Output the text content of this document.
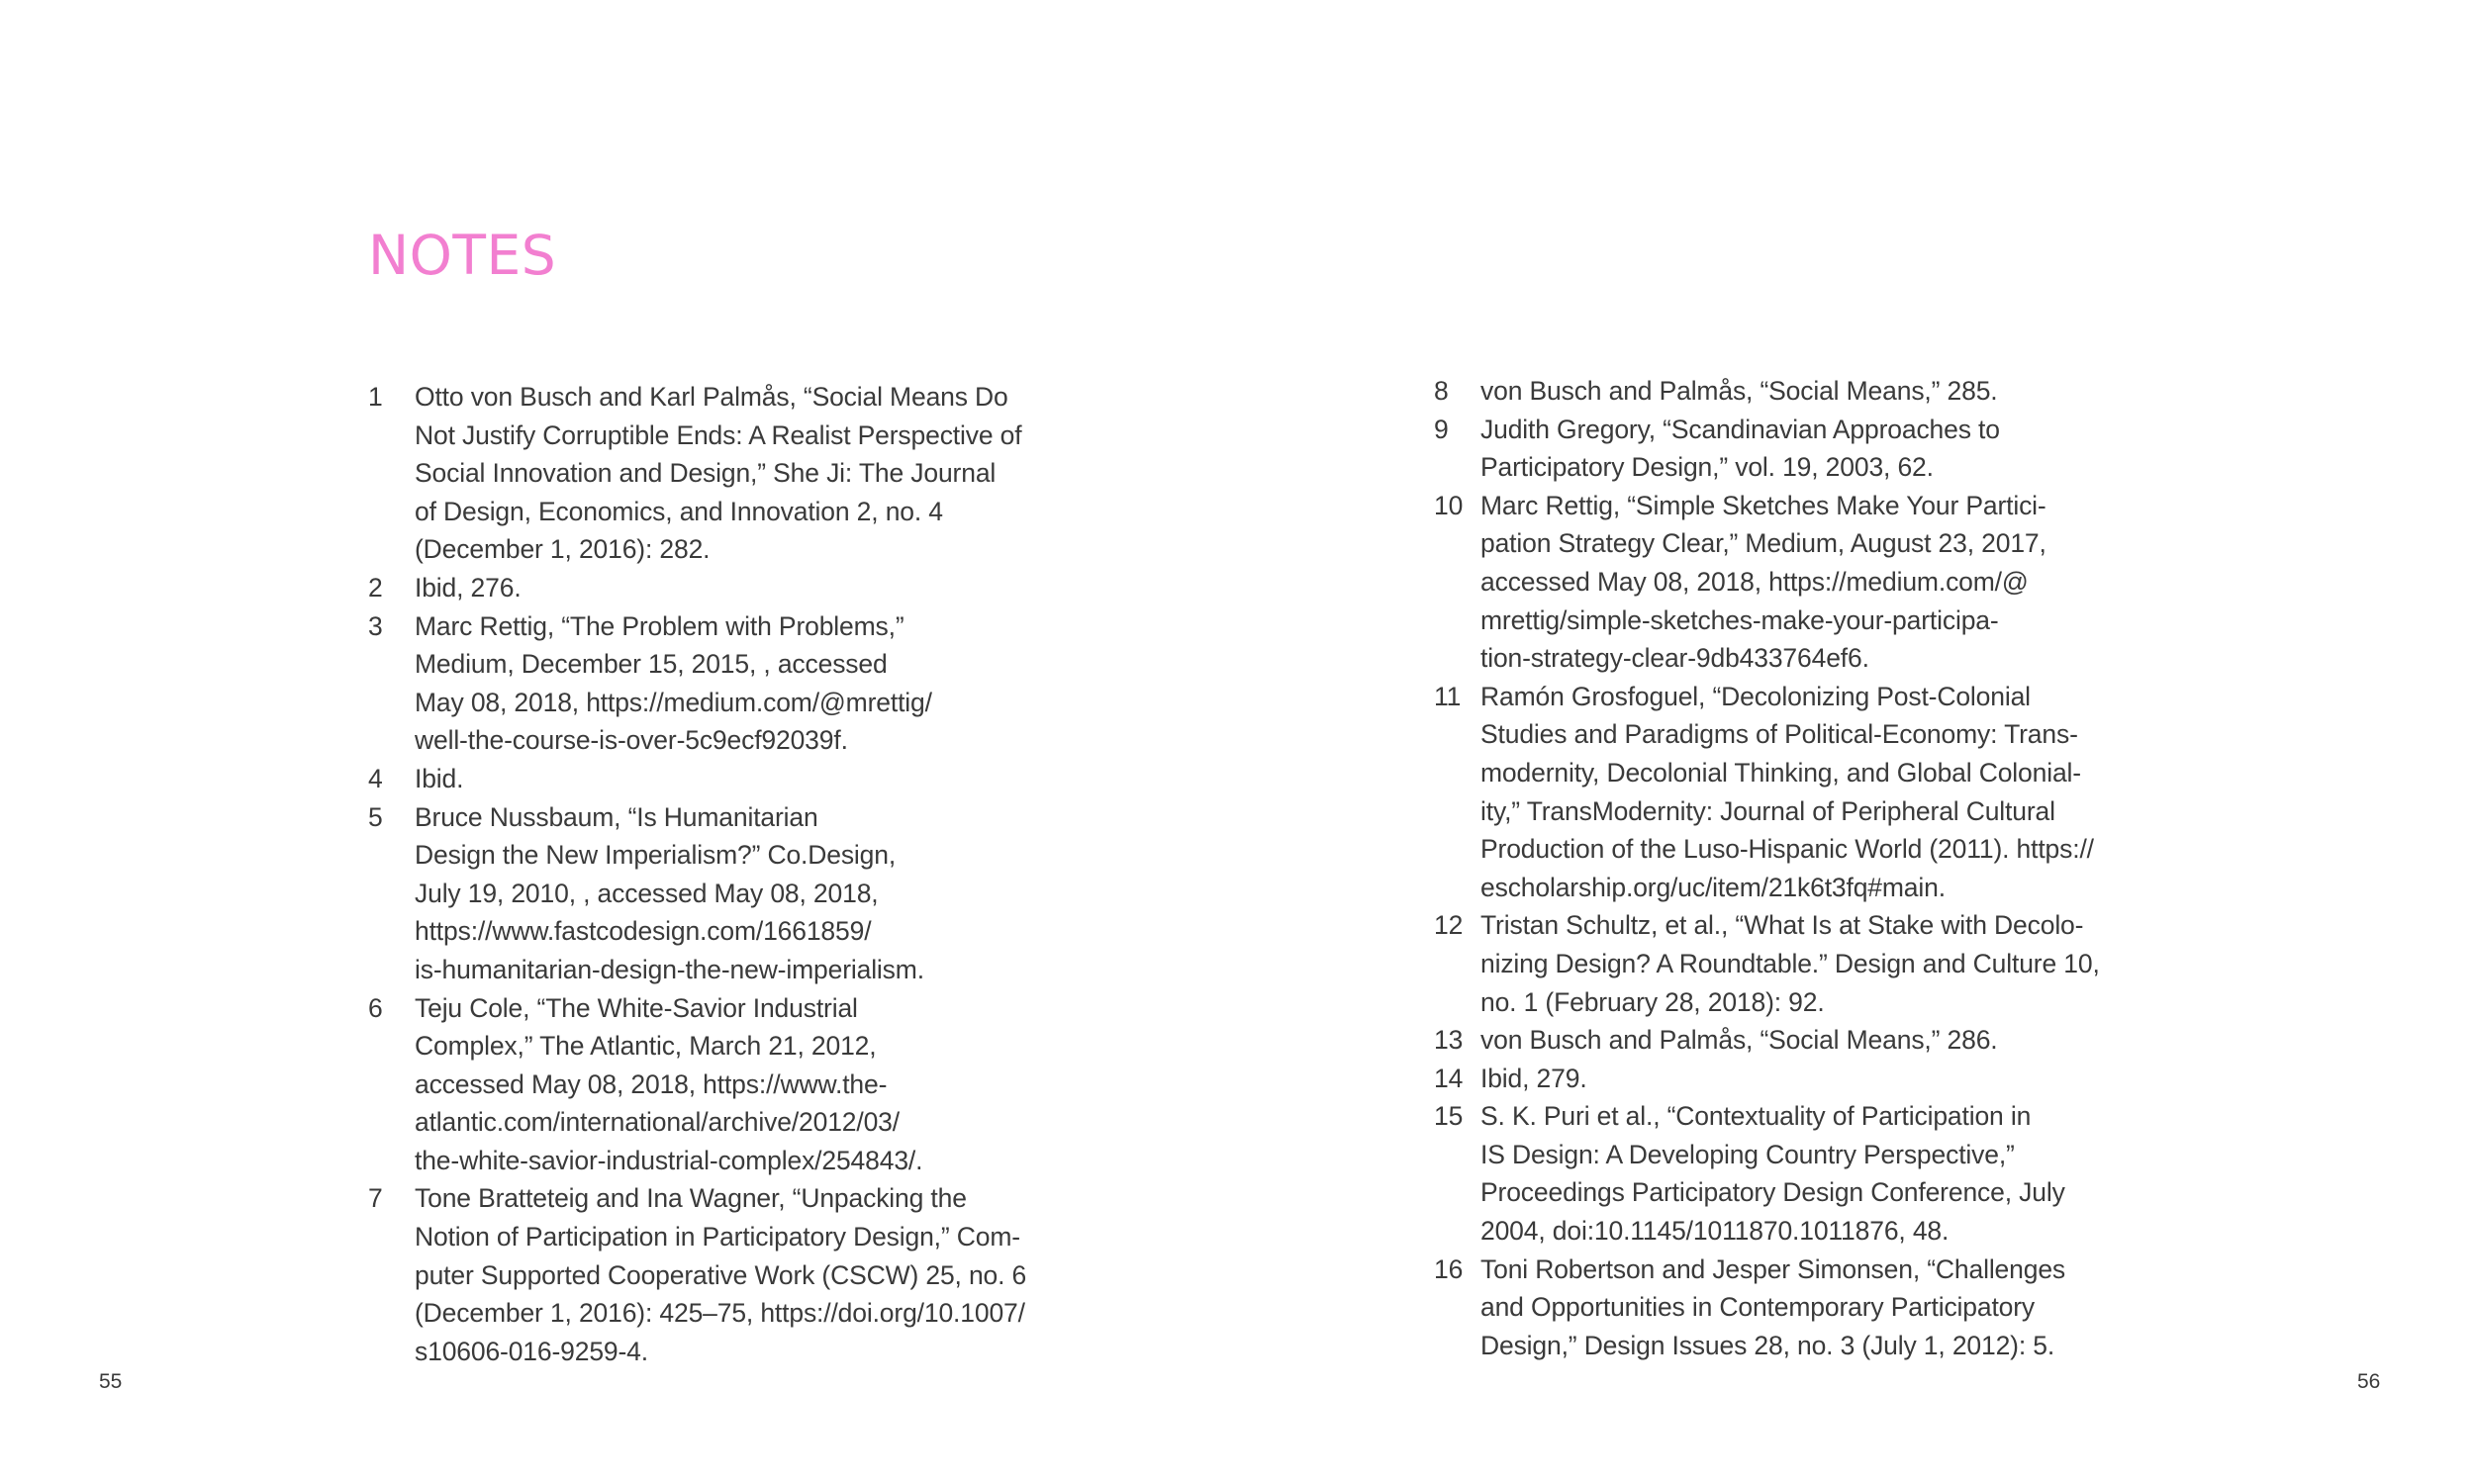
NOTES
1	Otto von Busch and Karl Palmås, “Social Means Do
Not Justify Corruptible Ends: A Realist Perspective of
Social Innovation and Design,” She Ji: The Journal
of Design, Economics, and Innovation 2, no. 4
(December 1, 2016): 282.
2	Ibid, 276.
3	Marc Rettig, “The Problem with Problems,”
Medium, December 15, 2015, , accessed
May 08, 2018, https://medium.com/@mrettig/
well-the-course-is-over-5c9ecf92039f.
4	Ibid.
5	Bruce Nussbaum, “Is Humanitarian
Design the New Imperialism?” Co.Design,
July 19, 2010, , accessed May 08, 2018,
https://www.fastcodesign.com/1661859/
is-humanitarian-design-the-new-imperialism.
6	Teju Cole, “The White-Savior Industrial
Complex,” The Atlantic, March 21, 2012,
accessed May 08, 2018, https://www.the-
atlantic.com/international/archive/2012/03/
the-white-savior-industrial-complex/254843/.
7	Tone Bratteteig and Ina Wagner, “Unpacking the
Notion of Participation in Participatory Design,” Com-
puter Supported Cooperative Work (CSCW) 25, no. 6
(December 1, 2016): 425–75, https://doi.org/10.1007/
s10606-016-9259-4.
8	von Busch and Palmås, “Social Means,” 285.
9	Judith Gregory, “Scandinavian Approaches to
Participatory Design,” vol. 19, 2003, 62.
10 Marc Rettig, “Simple Sketches Make Your Partici-
pation Strategy Clear,” Medium, August 23, 2017,
accessed May 08, 2018, https://medium.com/@
mrettig/simple-sketches-make-your-participa-
tion-strategy-clear-9db433764ef6.
11 Ramón Grosfoguel, “Decolonizing Post-Colonial
Studies and Paradigms of Political-Economy: Trans-
modernity, Decolonial Thinking, and Global Colonial-
ity,” TransModernity: Journal of Peripheral Cultural
Production of the Luso-Hispanic World (2011). https://
escholarship.org/uc/item/21k6t3fq#main.
12 Tristan Schultz, et al., “What Is at Stake with Decolo-
nizing Design? A Roundtable.” Design and Culture 10,
no. 1 (February 28, 2018): 92.
13 von Busch and Palmås, “Social Means,” 286.
14 Ibid, 279.
15 S. K. Puri et al., “Contextuality of Participation in
IS Design: A Developing Country Perspective,”
Proceedings Participatory Design Conference, July
2004, doi:10.1145/1011870.1011876, 48.
16 Toni Robertson and Jesper Simonsen, “Challenges
and Opportunities in Contemporary Participatory
Design,” Design Issues 28, no. 3 (July 1, 2012): 5.
55	56
